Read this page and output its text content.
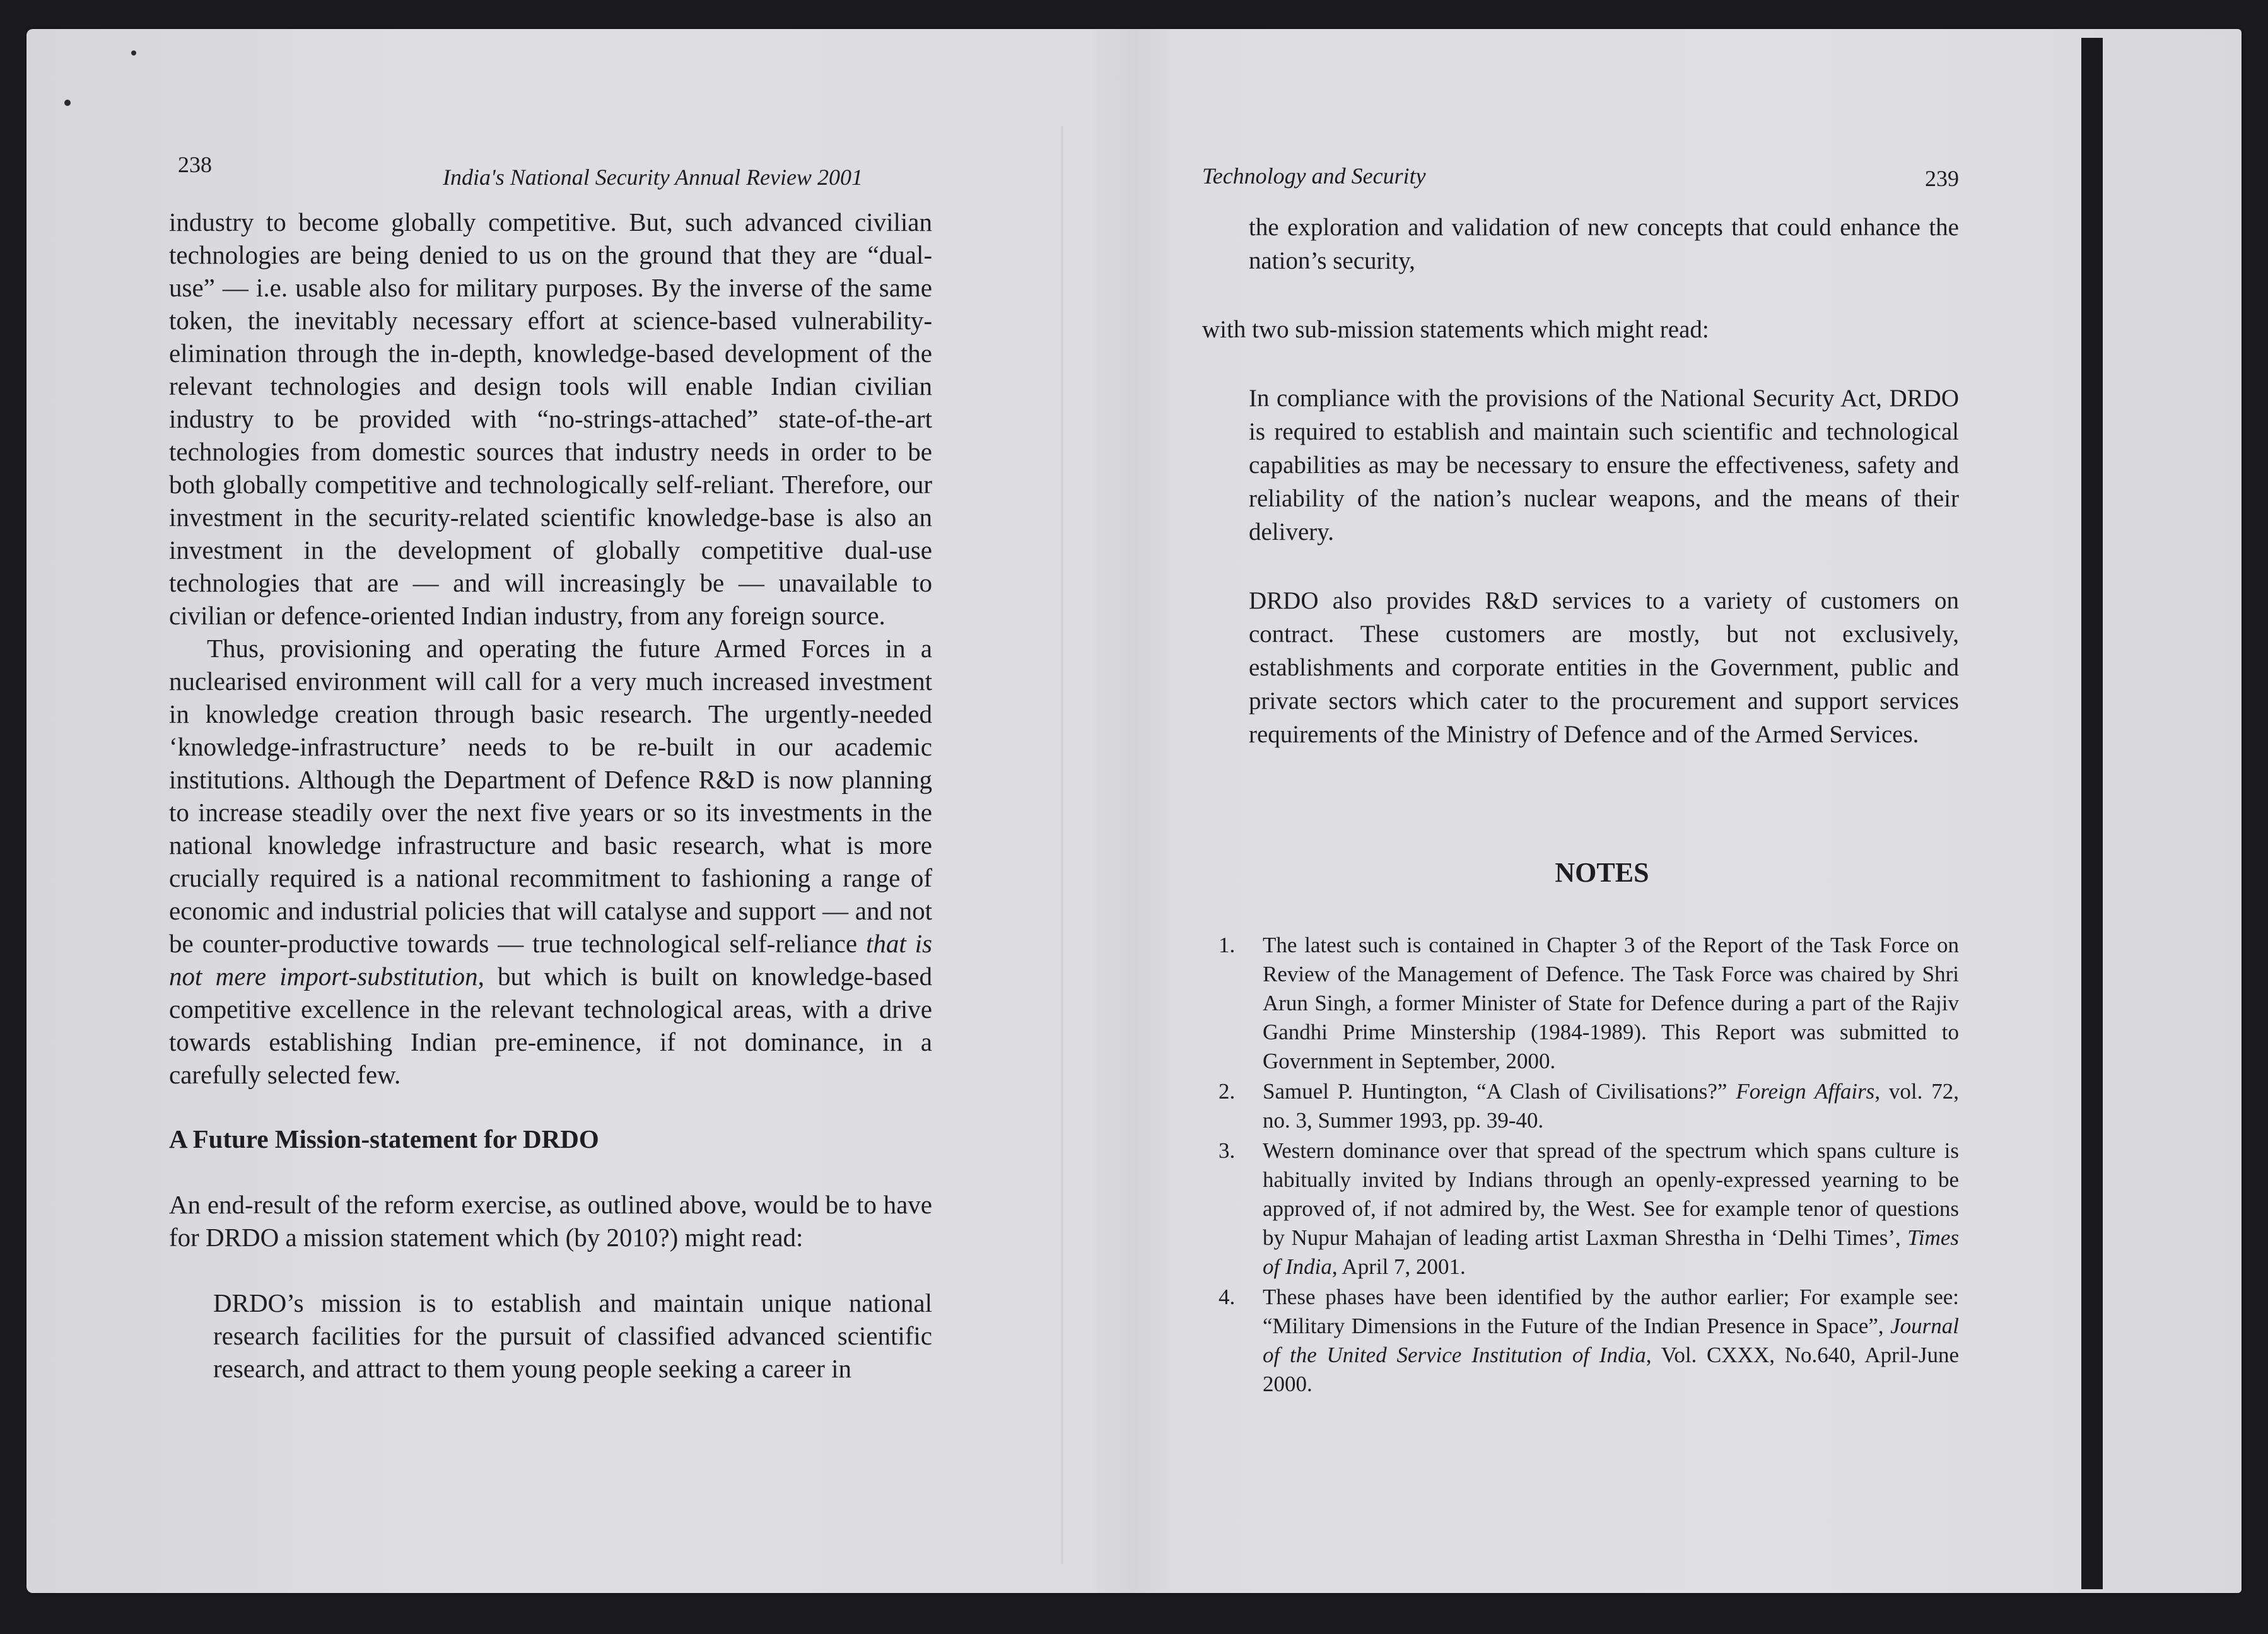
238	India's National Security Annual Review 2001

industry to become globally competitive. But, such advanced civilian technologies are being denied to us on the ground that they are “dual-use” — i.e. usable also for military purposes. By the inverse of the same token, the inevitably necessary effort at science-based vulnerability-elimination through the in-depth, knowledge-based development of the relevant technologies and design tools will enable Indian civilian industry to be provided with “no-strings-attached” state-of-the-art technologies from domestic sources that industry needs in order to be both globally competitive and technologically self-reliant. Therefore, our investment in the security-related scientific knowledge-base is also an investment in the development of globally competitive dual-use technologies that are — and will increasingly be — unavailable to civilian or defence-oriented Indian industry, from any foreign source.

Thus, provisioning and operating the future Armed Forces in a nuclearised environment will call for a very much increased investment in knowledge creation through basic research. The urgently-needed ‘knowledge-infrastructure’ needs to be re-built in our academic institutions. Although the Department of Defence R&D is now planning to increase steadily over the next five years or so its investments in the national knowledge infrastructure and basic research, what is more crucially required is a national recommitment to fashioning a range of economic and industrial policies that will catalyse and support — and not be counter-productive towards — true technological self-reliance that is not mere import-substitution, but which is built on knowledge-based competitive excellence in the relevant technological areas, with a drive towards establishing Indian pre-eminence, if not dominance, in a carefully selected few.

A Future Mission-statement for DRDO

An end-result of the reform exercise, as outlined above, would be to have for DRDO a mission statement which (by 2010?) might read:

DRDO’s mission is to establish and maintain unique national research facilities for the pursuit of classified advanced scientific research, and attract to them young people seeking a career in

Technology and Security	239

the exploration and validation of new concepts that could enhance the nation’s security,

with two sub-mission statements which might read:

In compliance with the provisions of the National Security Act, DRDO is required to establish and maintain such scientific and technological capabilities as may be necessary to ensure the effectiveness, safety and reliability of the nation’s nuclear weapons, and the means of their delivery.

DRDO also provides R&D services to a variety of customers on contract. These customers are mostly, but not exclusively, establishments and corporate entities in the Government, public and private sectors which cater to the procurement and support services requirements of the Ministry of Defence and of the Armed Services.

NOTES
1.	The latest such is contained in Chapter 3 of the Report of the Task Force on Review of the Management of Defence. The Task Force was chaired by Shri Arun Singh, a former Minister of State for Defence during a part of the Rajiv Gandhi Prime Minstership (1984-1989). This Report was submitted to Government in September, 2000.
2.	Samuel P. Huntington, “A Clash of Civilisations?” Foreign Affairs, vol. 72, no. 3, Summer 1993, pp. 39-40.
3.	Western dominance over that spread of the spectrum which spans culture is habitually invited by Indians through an openly-expressed yearning to be approved of, if not admired by, the West. See for example tenor of questions by Nupur Mahajan of leading artist Laxman Shrestha in ‘Delhi Times’, Times of India, April 7, 2001.
4.	These phases have been identified by the author earlier; For example see: “Military Dimensions in the Future of the Indian Presence in Space”, Journal of the United Service Institution of India, Vol. CXXX, No.640, April-June 2000.
